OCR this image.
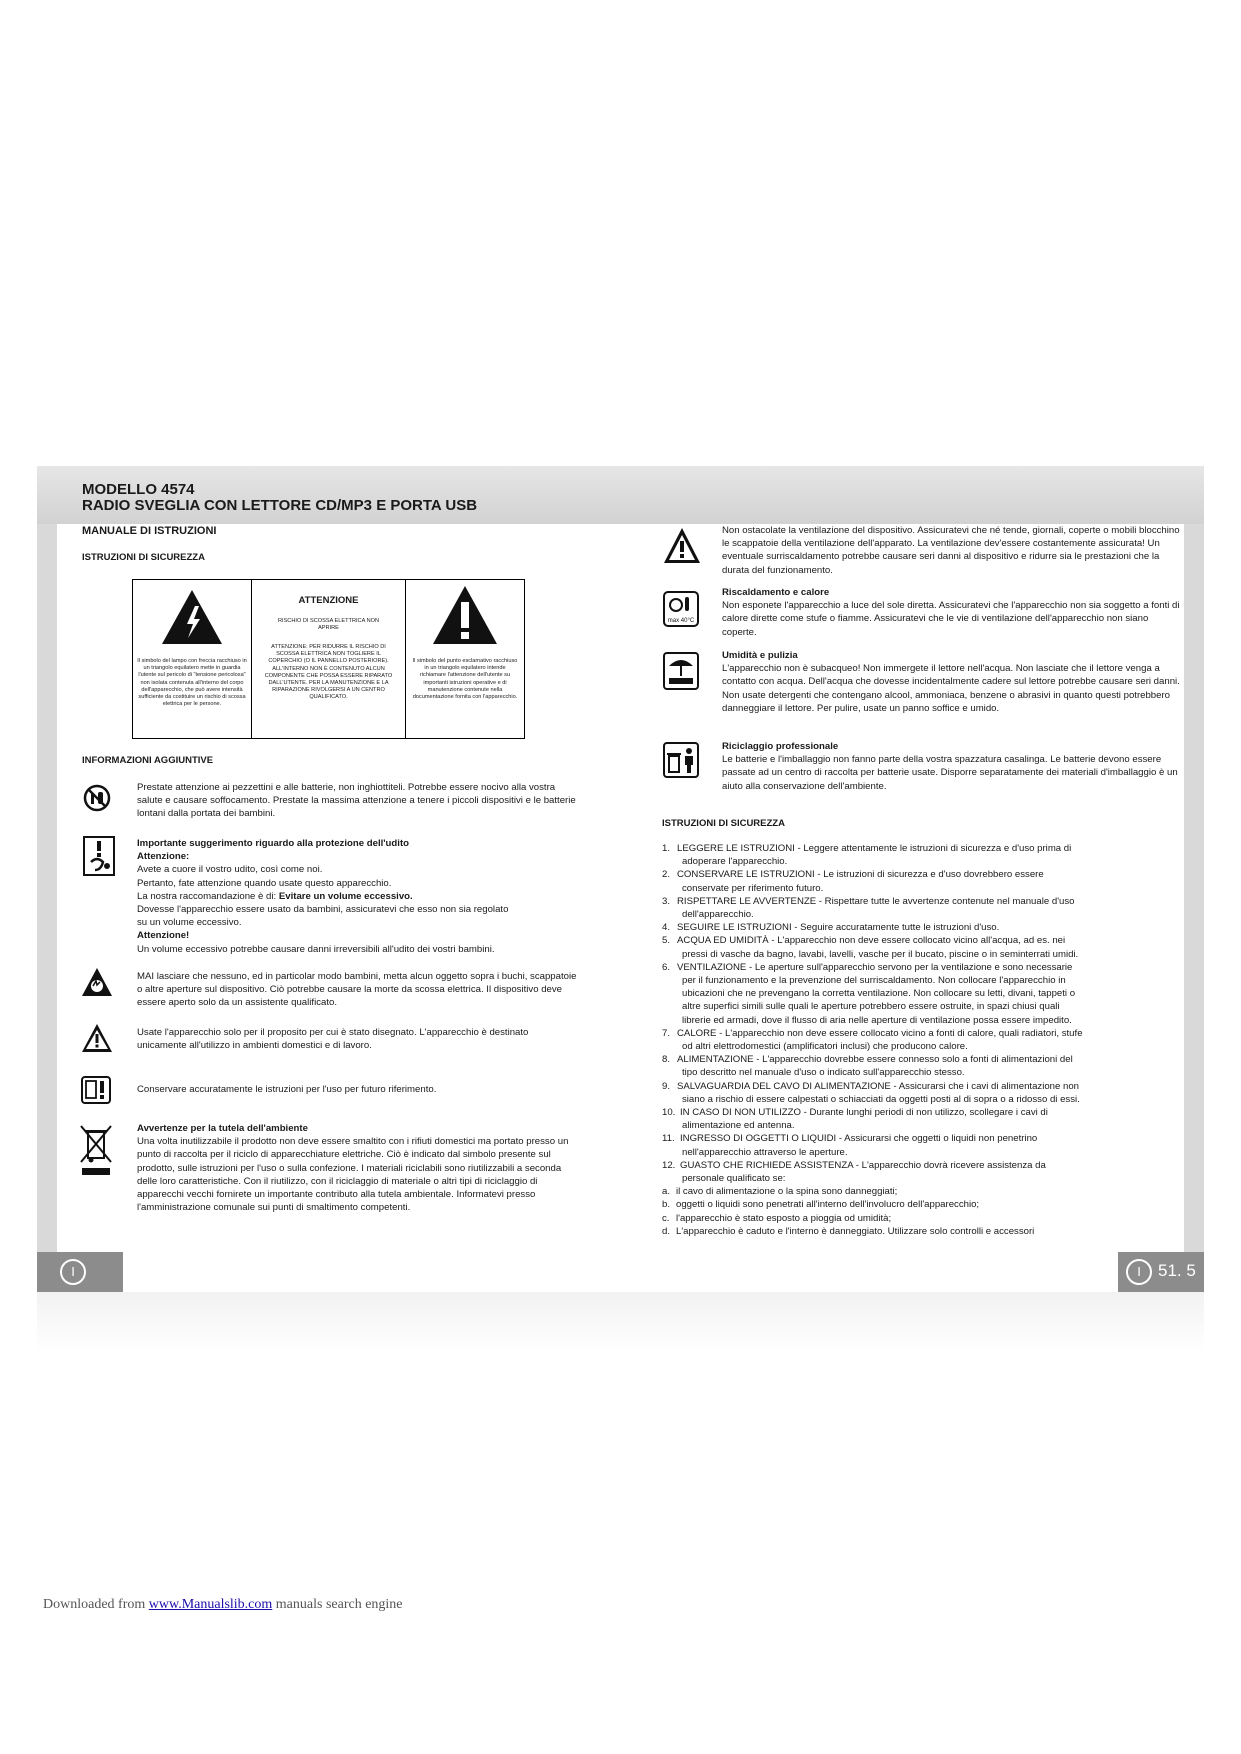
MODELLO 4574
RADIO SVEGLIA CON LETTORE CD/MP3 E PORTA USB
MANUALE DI ISTRUZIONI
ISTRUZIONI DI SICUREZZA
Il simbolo del lampo con freccia racchiuso in un triangolo equilatero mette in guardia l'utente sul pericolo di "tensione pericolosa" non isolata contenuta all'interno del corpo dell'apparecchio, che può avere intensità sufficiente da costituire un rischio di scossa elettrica per le persone.
ATTENZIONE
RISCHIO DI SCOSSA ELETTRICA NON APRIRE
ATTENZIONE: PER RIDURRE IL RISCHIO DI SCOSSA ELETTRICA NON TOGLIERE IL COPERCHIO (O IL PANNELLO POSTERIORE). ALL'INTERNO NON È CONTENUTO ALCUN COMPONENTE CHE POSSA ESSERE RIPARATO DALL'UTENTE. PER LA MANUTENZIONE E LA RIPARAZIONE RIVOLGERSI A UN CENTRO QUALIFICATO.
Il simbolo del punto esclamativo racchiuso in un triangolo equilatero intende richiamare l'attenzione dell'utente su importanti istruzioni operative e di manutenzione contenute nella documentazione fornita con l'apparecchio.
INFORMAZIONI AGGIUNTIVE
Prestate attenzione ai pezzettini e alle batterie, non inghiottiteli. Potrebbe essere nocivo alla vostra salute e causare soffocamento. Prestate la massima attenzione a tenere i piccoli dispositivi e le batterie lontani dalla portata dei bambini.
Importante suggerimento riguardo alla protezione dell'udito
Attenzione:
Avete a cuore il vostro udito, così come noi.
Pertanto, fate attenzione quando usate questo apparecchio.
La nostra raccomandazione è di: Evitare un volume eccessivo.
Dovesse l'apparecchio essere usato da bambini, assicuratevi che esso non sia regolato
su un volume eccessivo.
Attenzione!
Un volume eccessivo potrebbe causare danni irreversibili all'udito dei vostri bambini.
MAI lasciare che nessuno, ed in particolar modo bambini, metta alcun oggetto sopra i buchi, scappatoie o altre aperture sul dispositivo. Ciò potrebbe causare la morte da scossa elettrica. Il dispositivo deve essere aperto solo da un assistente qualificato.
Usate l'apparecchio solo per il proposito per cui è stato disegnato. L'apparecchio è destinato unicamente all'utilizzo in ambienti domestici e di lavoro.
Conservare accuratamente le istruzioni per l'uso per futuro riferimento.
Avvertenze per la tutela dell'ambiente
Una volta inutilizzabile il prodotto non deve essere smaltito con i rifiuti domestici ma portato presso un punto di raccolta per il riciclo di apparecchiature elettriche. Ciò è indicato dal simbolo presente sul prodotto, sulle istruzioni per l'uso o sulla confezione. I materiali riciclabili sono riutilizzabili a seconda delle loro caratteristiche. Con il riutilizzo, con il riciclaggio di materiale o altri tipi di riciclaggio di apparecchi vecchi fornirete un importante contributo alla tutela ambientale. Informatevi presso l'amministrazione comunale sui punti di smaltimento competenti.
I
Non ostacolate la ventilazione del dispositivo. Assicuratevi che né tende, giornali, coperte o mobili blocchino le scappatoie della ventilazione dell'apparato. La ventilazione dev'essere costantemente assicurata! Un eventuale surriscaldamento potrebbe causare seri danni al dispositivo e ridurre sia le prestazioni che la durata del funzionamento.
max 40°C
Riscaldamento e calore
Non esponete l'apparecchio a luce del sole diretta. Assicuratevi che l'apparecchio non sia soggetto a fonti di calore dirette come stufe o fiamme. Assicuratevi che le vie di ventilazione dell'apparecchio non siano coperte.
Umidità e pulizia
L'apparecchio non è subacqueo! Non immergete il lettore nell'acqua. Non lasciate che il lettore venga a contatto con acqua. Dell'acqua che dovesse incidentalmente cadere sul lettore potrebbe causare seri danni. Non usate detergenti che contengano alcool, ammoniaca, benzene o abrasivi in quanto questi potrebbero danneggiare il lettore. Per pulire, usate un panno soffice e umido.
Riciclaggio professionale
Le batterie e l'imballaggio non fanno parte della vostra spazzatura casalinga. Le batterie devono essere passate ad un centro di raccolta per batterie usate. Disporre separatamente dei materiali d'imballaggio è un aiuto alla conservazione dell'ambiente.
ISTRUZIONI DI SICUREZZA
1. LEGGERE LE ISTRUZIONI - Leggere attentamente le istruzioni di sicurezza e d'uso prima di
adoperare l'apparecchio.
2. CONSERVARE LE ISTRUZIONI - Le istruzioni di sicurezza e d'uso dovrebbero essere
conservate per riferimento futuro.
3. RISPETTARE LE AVVERTENZE - Rispettare tutte le avvertenze contenute nel manuale d'uso
dell'apparecchio.
4. SEGUIRE LE ISTRUZIONI - Seguire accuratamente tutte le istruzioni d'uso.
5. ACQUA ED UMIDITÀ - L'apparecchio non deve essere collocato vicino all'acqua, ad es. nei
pressi di vasche da bagno, lavabi, lavelli, vasche per il bucato, piscine o in seminterrati umidi.
6. VENTILAZIONE - Le aperture sull'apparecchio servono per la ventilazione e sono necessarie
per il funzionamento e la prevenzione del surriscaldamento. Non collocare l'apparecchio in
ubicazioni che ne prevengano la corretta ventilazione. Non collocare su letti, divani, tappeti o
altre superfici simili sulle quali le aperture potrebbero essere ostruite, in spazi chiusi quali
librerie ed armadi, dove il flusso di aria nelle aperture di ventilazione possa essere impedito.
7. CALORE - L'apparecchio non deve essere collocato vicino a fonti di calore, quali radiatori, stufe
od altri elettrodomestici (amplificatori inclusi) che producono calore.
8. ALIMENTAZIONE - L'apparecchio dovrebbe essere connesso solo a fonti di alimentazioni del
tipo descritto nel manuale d'uso o indicato sull'apparecchio stesso.
9. SALVAGUARDIA DEL CAVO DI ALIMENTAZIONE - Assicurarsi che i cavi di alimentazione non
siano a rischio di essere calpestati o schiacciati da oggetti posti al di sopra o a ridosso di essi.
10. IN CASO DI NON UTILIZZO - Durante lunghi periodi di non utilizzo, scollegare i cavi di
alimentazione ed antenna.
11. INGRESSO DI OGGETTI O LIQUIDI - Assicurarsi che oggetti o liquidi non penetrino
nell'apparecchio attraverso le aperture.
12. GUASTO CHE RICHIEDE ASSISTENZA - L'apparecchio dovrà ricevere assistenza da
personale qualificato se:
a. il cavo di alimentazione o la spina sono danneggiati;
b. oggetti o liquidi sono penetrati all'interno dell'involucro dell'apparecchio;
c. l'apparecchio è stato esposto a pioggia od umidità;
d. L'apparecchio è caduto e l'interno è danneggiato. Utilizzare solo controlli e accessori
I	51. 5
Downloaded from www.Manualslib.com manuals search engine
